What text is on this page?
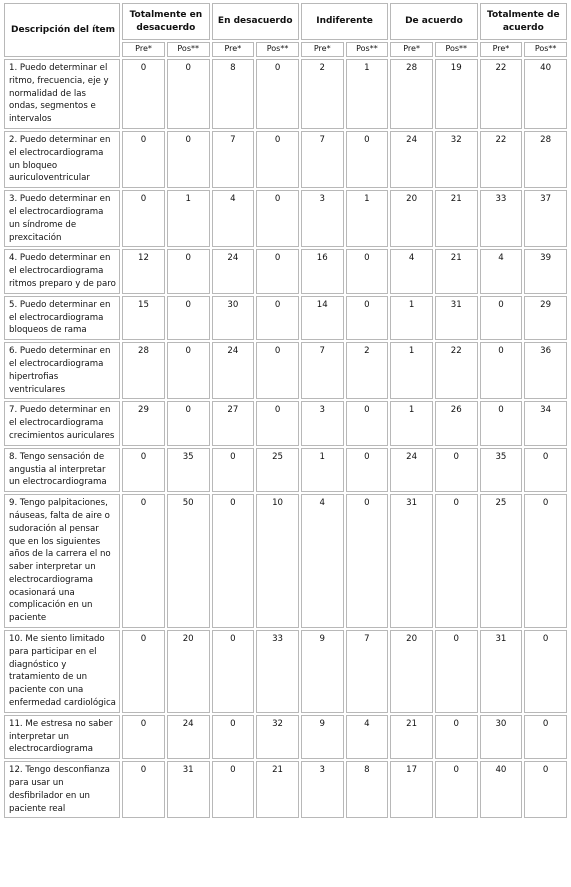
Descripción del ítem	Totalmente en desacuerdo		En desacuerdo		Indiferente		De acuerdo		Totalmente de acuerdo	
	Pre*	Pos**	Pre*	Pos**	Pre*	Pos**	Pre*	Pos**	Pre*	Pos**
1. Puedo determinar el ritmo, frecuencia, eje y normalidad de las ondas, segmentos e intervalos	0	0	8	0	2	1	28	19	22	40
2. Puedo determinar en el electrocardiograma un bloqueo auriculoventricular	0	0	7	0	7	0	24	32	22	28
3. Puedo determinar en el electrocardiograma un síndrome de prexcitación	0	1	4	0	3	1	20	21	33	37
4. Puedo determinar en el electrocardiograma ritmos preparo y de paro	12	0	24	0	16	0	4	21	4	39
5. Puedo determinar en el electrocardiograma bloqueos de rama	15	0	30	0	14	0	1	31	0	29
6. Puedo determinar en el electrocardiograma hipertrofias ventriculares	28	0	24	0	7	2	1	22	0	36
7. Puedo determinar en el electrocardiograma crecimientos auriculares	29	0	27	0	3	0	1	26	0	34
8. Tengo sensación de angustia al interpretar un electrocardiograma	0	35	0	25	1	0	24	0	35	0
9. Tengo palpitaciones, náuseas, falta de aire o sudoración al pensar que en los siguientes años de la carrera el no saber interpretar un electrocardiograma ocasionará una complicación en un paciente	0	50	0	10	4	0	31	0	25	0
10. Me siento limitado para participar en el diagnóstico y tratamiento de un paciente con una enfermedad cardiológica	0	20	0	33	9	7	20	0	31	0
11. Me estresa no saber interpretar un electrocardiograma	0	24	0	32	9	4	21	0	30	0
12. Tengo desconfianza para usar un desfibrilador en un paciente real	0	31	0	21	3	8	17	0	40	0
